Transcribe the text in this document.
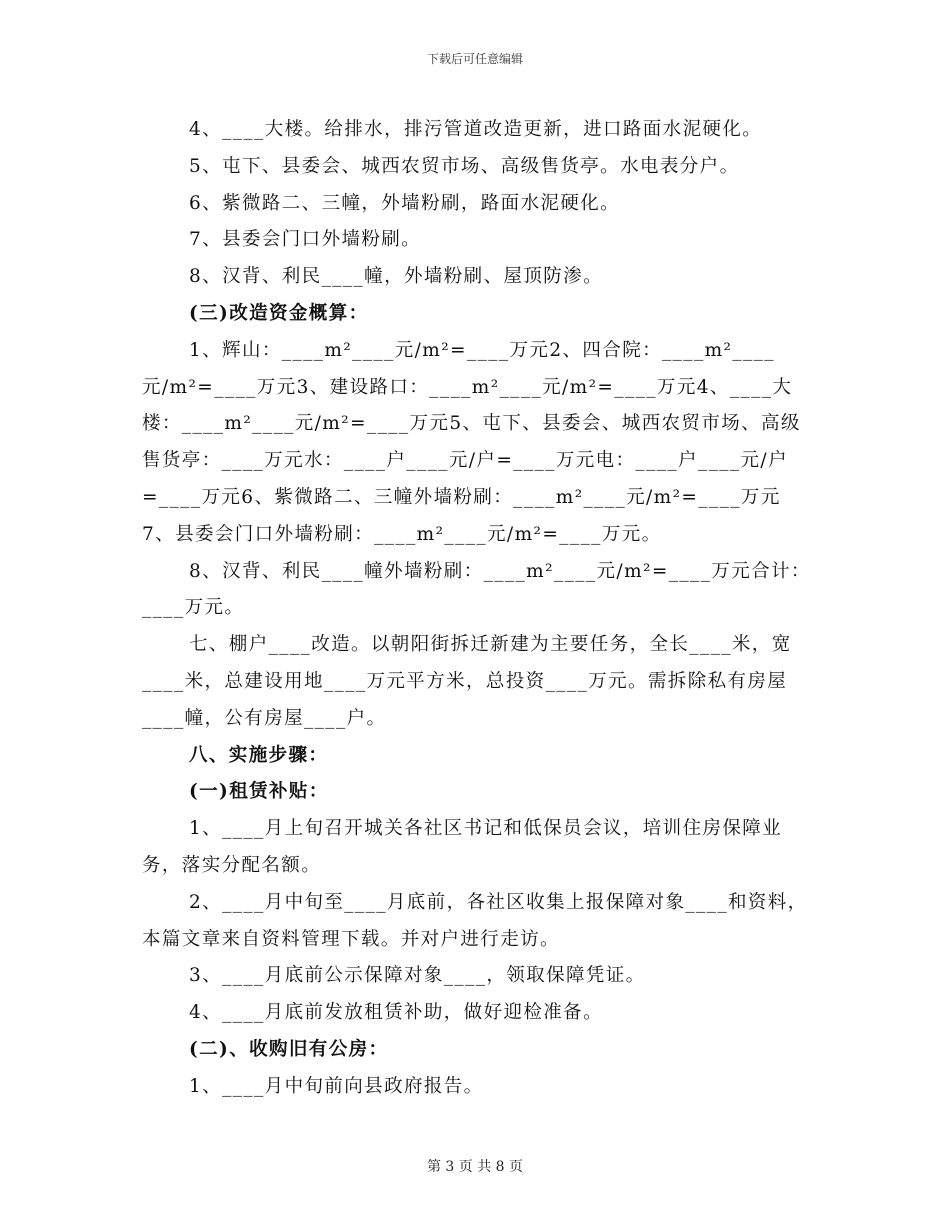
下载后可任意编辑

4、____大楼。给排水，排污管道改造更新，进口路面水泥硬化。

5、屯下、县委会、城西农贸市场、高级售货亭。水电表分户。

6、紫微路二、三幢，外墙粉刷，路面水泥硬化。

7、县委会门口外墙粉刷。

8、汉背、利民____幢，外墙粉刷、屋顶防渗。

(三)改造资金概算：

1、辉山：____m²____元/m²=____万元2、四合院：____m²____元/m²=____万元3、建设路口：____m²____元/m²=____万元4、____大楼：____m²____元/m²=____万元5、屯下、县委会、城西农贸市场、高级售货亭：____万元水：____户____元/户=____万元电：____户____元/户=____万元6、紫微路二、三幢外墙粉刷：____m²____元/m²=____万元7、县委会门口外墙粉刷：____m²____元/m²=____万元。

8、汉背、利民____幢外墙粉刷：____m²____元/m²=____万元合计：____万元。

七、棚户____改造。以朝阳街拆迁新建为主要任务，全长____米，宽____米，总建设用地____万元平方米，总投资____万元。需拆除私有房屋____幢，公有房屋____户。

八、实施步骤：

(一)租赁补贴：

1、____月上旬召开城关各社区书记和低保员会议，培训住房保障业务，落实分配名额。

2、____月中旬至____月底前，各社区收集上报保障对象____和资料，本篇文章来自资料管理下载。并对户进行走访。

3、____月底前公示保障对象____，领取保障凭证。

4、____月底前发放租赁补助，做好迎检准备。

(二)、收购旧有公房：

1、____月中旬前向县政府报告。

第 3 页 共 8 页
